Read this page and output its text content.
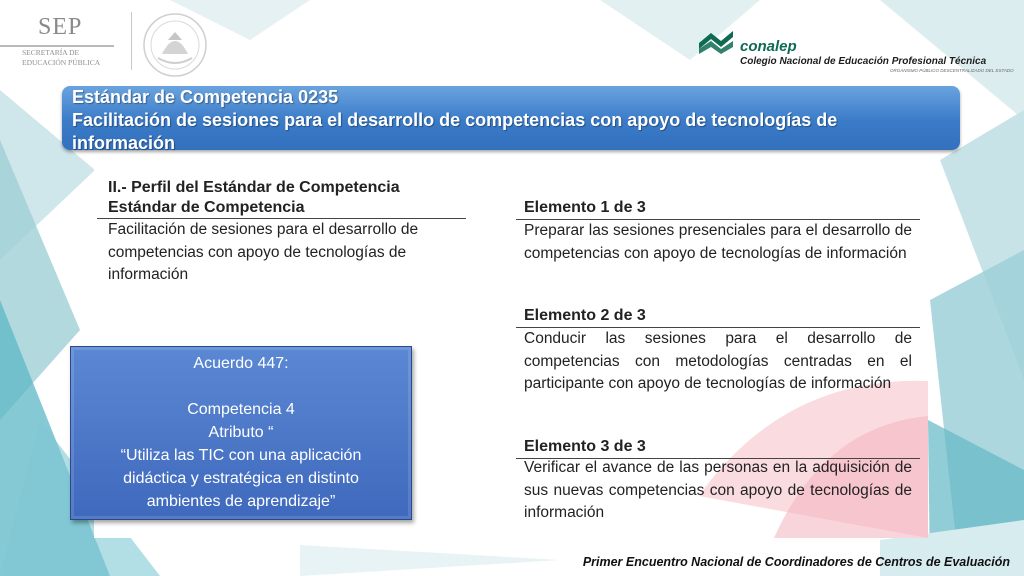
SEP
SECRETARÍA DE
EDUCACIÓN PÚBLICA
conalep
Colegio Nacional de Educación Profesional Técnica
ORGANISMO PÚBLICO DESCENTRALIZADO DEL ESTADO
Estándar de Competencia 0235
Facilitación de sesiones para el desarrollo de competencias con apoyo de tecnologías de
información
II.- Perfil del Estándar de Competencia
Estándar de Competencia
Facilitación de sesiones para el desarrollo de competencias con apoyo de tecnologías de información
Elemento 1 de 3
Preparar las sesiones presenciales para el desarrollo de competencias con apoyo de tecnologías de información
Elemento 2 de 3
Conducir las sesiones para el desarrollo de competencias con metodologías centradas en el participante con apoyo de tecnologías de información
Elemento 3 de 3
Verificar el avance de las personas en la adquisición de sus nuevas competencias con apoyo de tecnologías de información
Acuerdo 447:
Competencia 4
Atributo “
“Utiliza las TIC con una aplicación
didáctica y estratégica en distinto
ambientes de aprendizaje”
Primer Encuentro Nacional de Coordinadores de Centros de Evaluación
